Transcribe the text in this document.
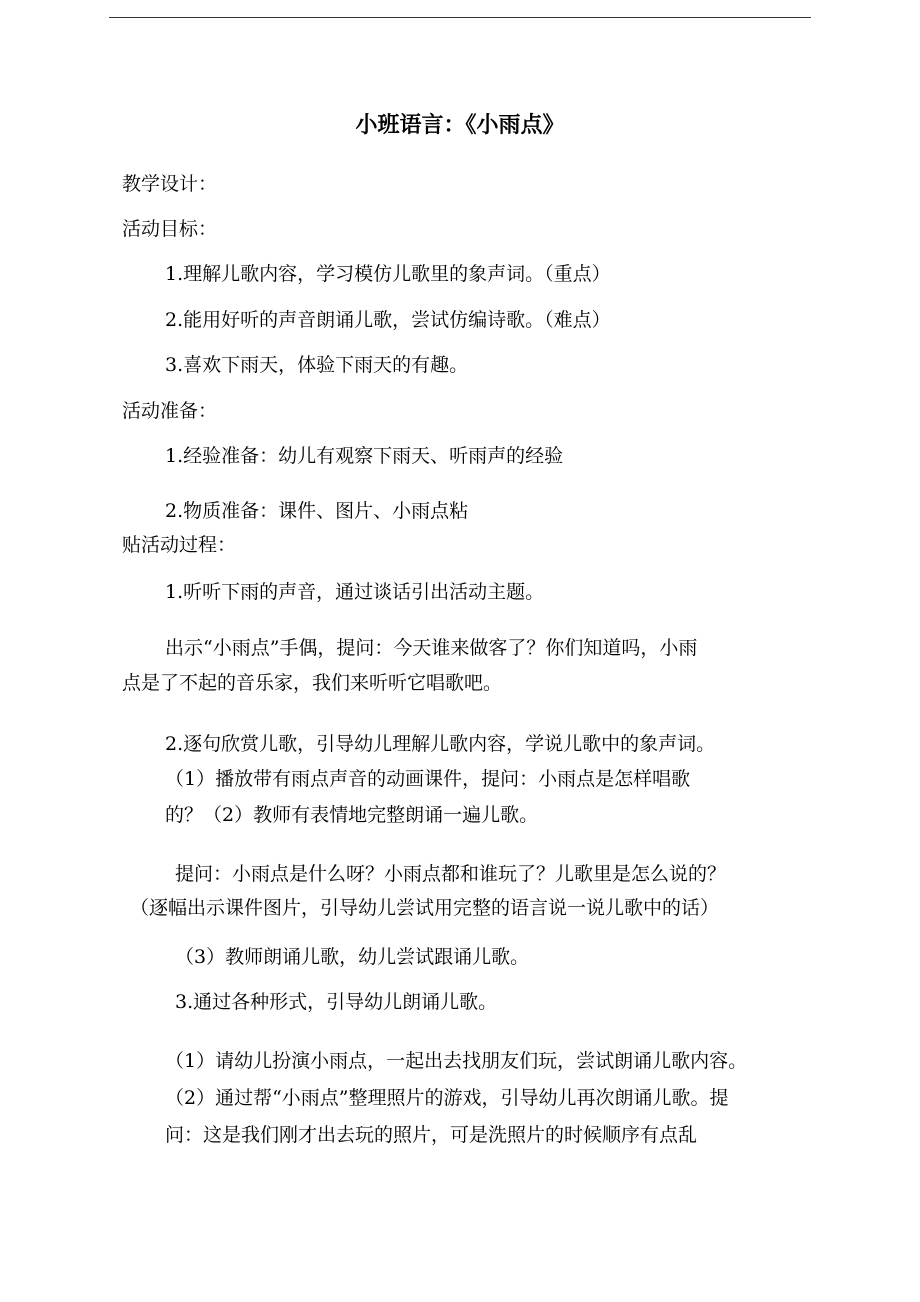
小班语言：《小雨点》
教学设计：
活动目标：
1.理解儿歌内容，学习模仿儿歌里的象声词。（重点）
2.能用好听的声音朗诵儿歌，尝试仿编诗歌。（难点）
3.喜欢下雨天，体验下雨天的有趣。
活动准备：
1.经验准备：幼儿有观察下雨天、听雨声的经验
2.物质准备：课件、图片、小雨点粘
贴活动过程：
1.听听下雨的声音，通过谈话引出活动主题。
出示“小雨点”手偶，提问：今天谁来做客了？你们知道吗，小雨
点是了不起的音乐家，我们来听听它唱歌吧。
2.逐句欣赏儿歌，引导幼儿理解儿歌内容，学说儿歌中的象声词。
（1）播放带有雨点声音的动画课件，提问：小雨点是怎样唱歌
的？（2）教师有表情地完整朗诵一遍儿歌。
提问：小雨点是什么呀？小雨点都和谁玩了？儿歌里是怎么说的？
（逐幅出示课件图片，引导幼儿尝试用完整的语言说一说儿歌中的话）
（3）教师朗诵儿歌，幼儿尝试跟诵儿歌。
3.通过各种形式，引导幼儿朗诵儿歌。
（1）请幼儿扮演小雨点，一起出去找朋友们玩，尝试朗诵儿歌内容。
（2）通过帮“小雨点”整理照片的游戏，引导幼儿再次朗诵儿歌。提
问：这是我们刚才出去玩的照片，可是洗照片的时候顺序有点乱
